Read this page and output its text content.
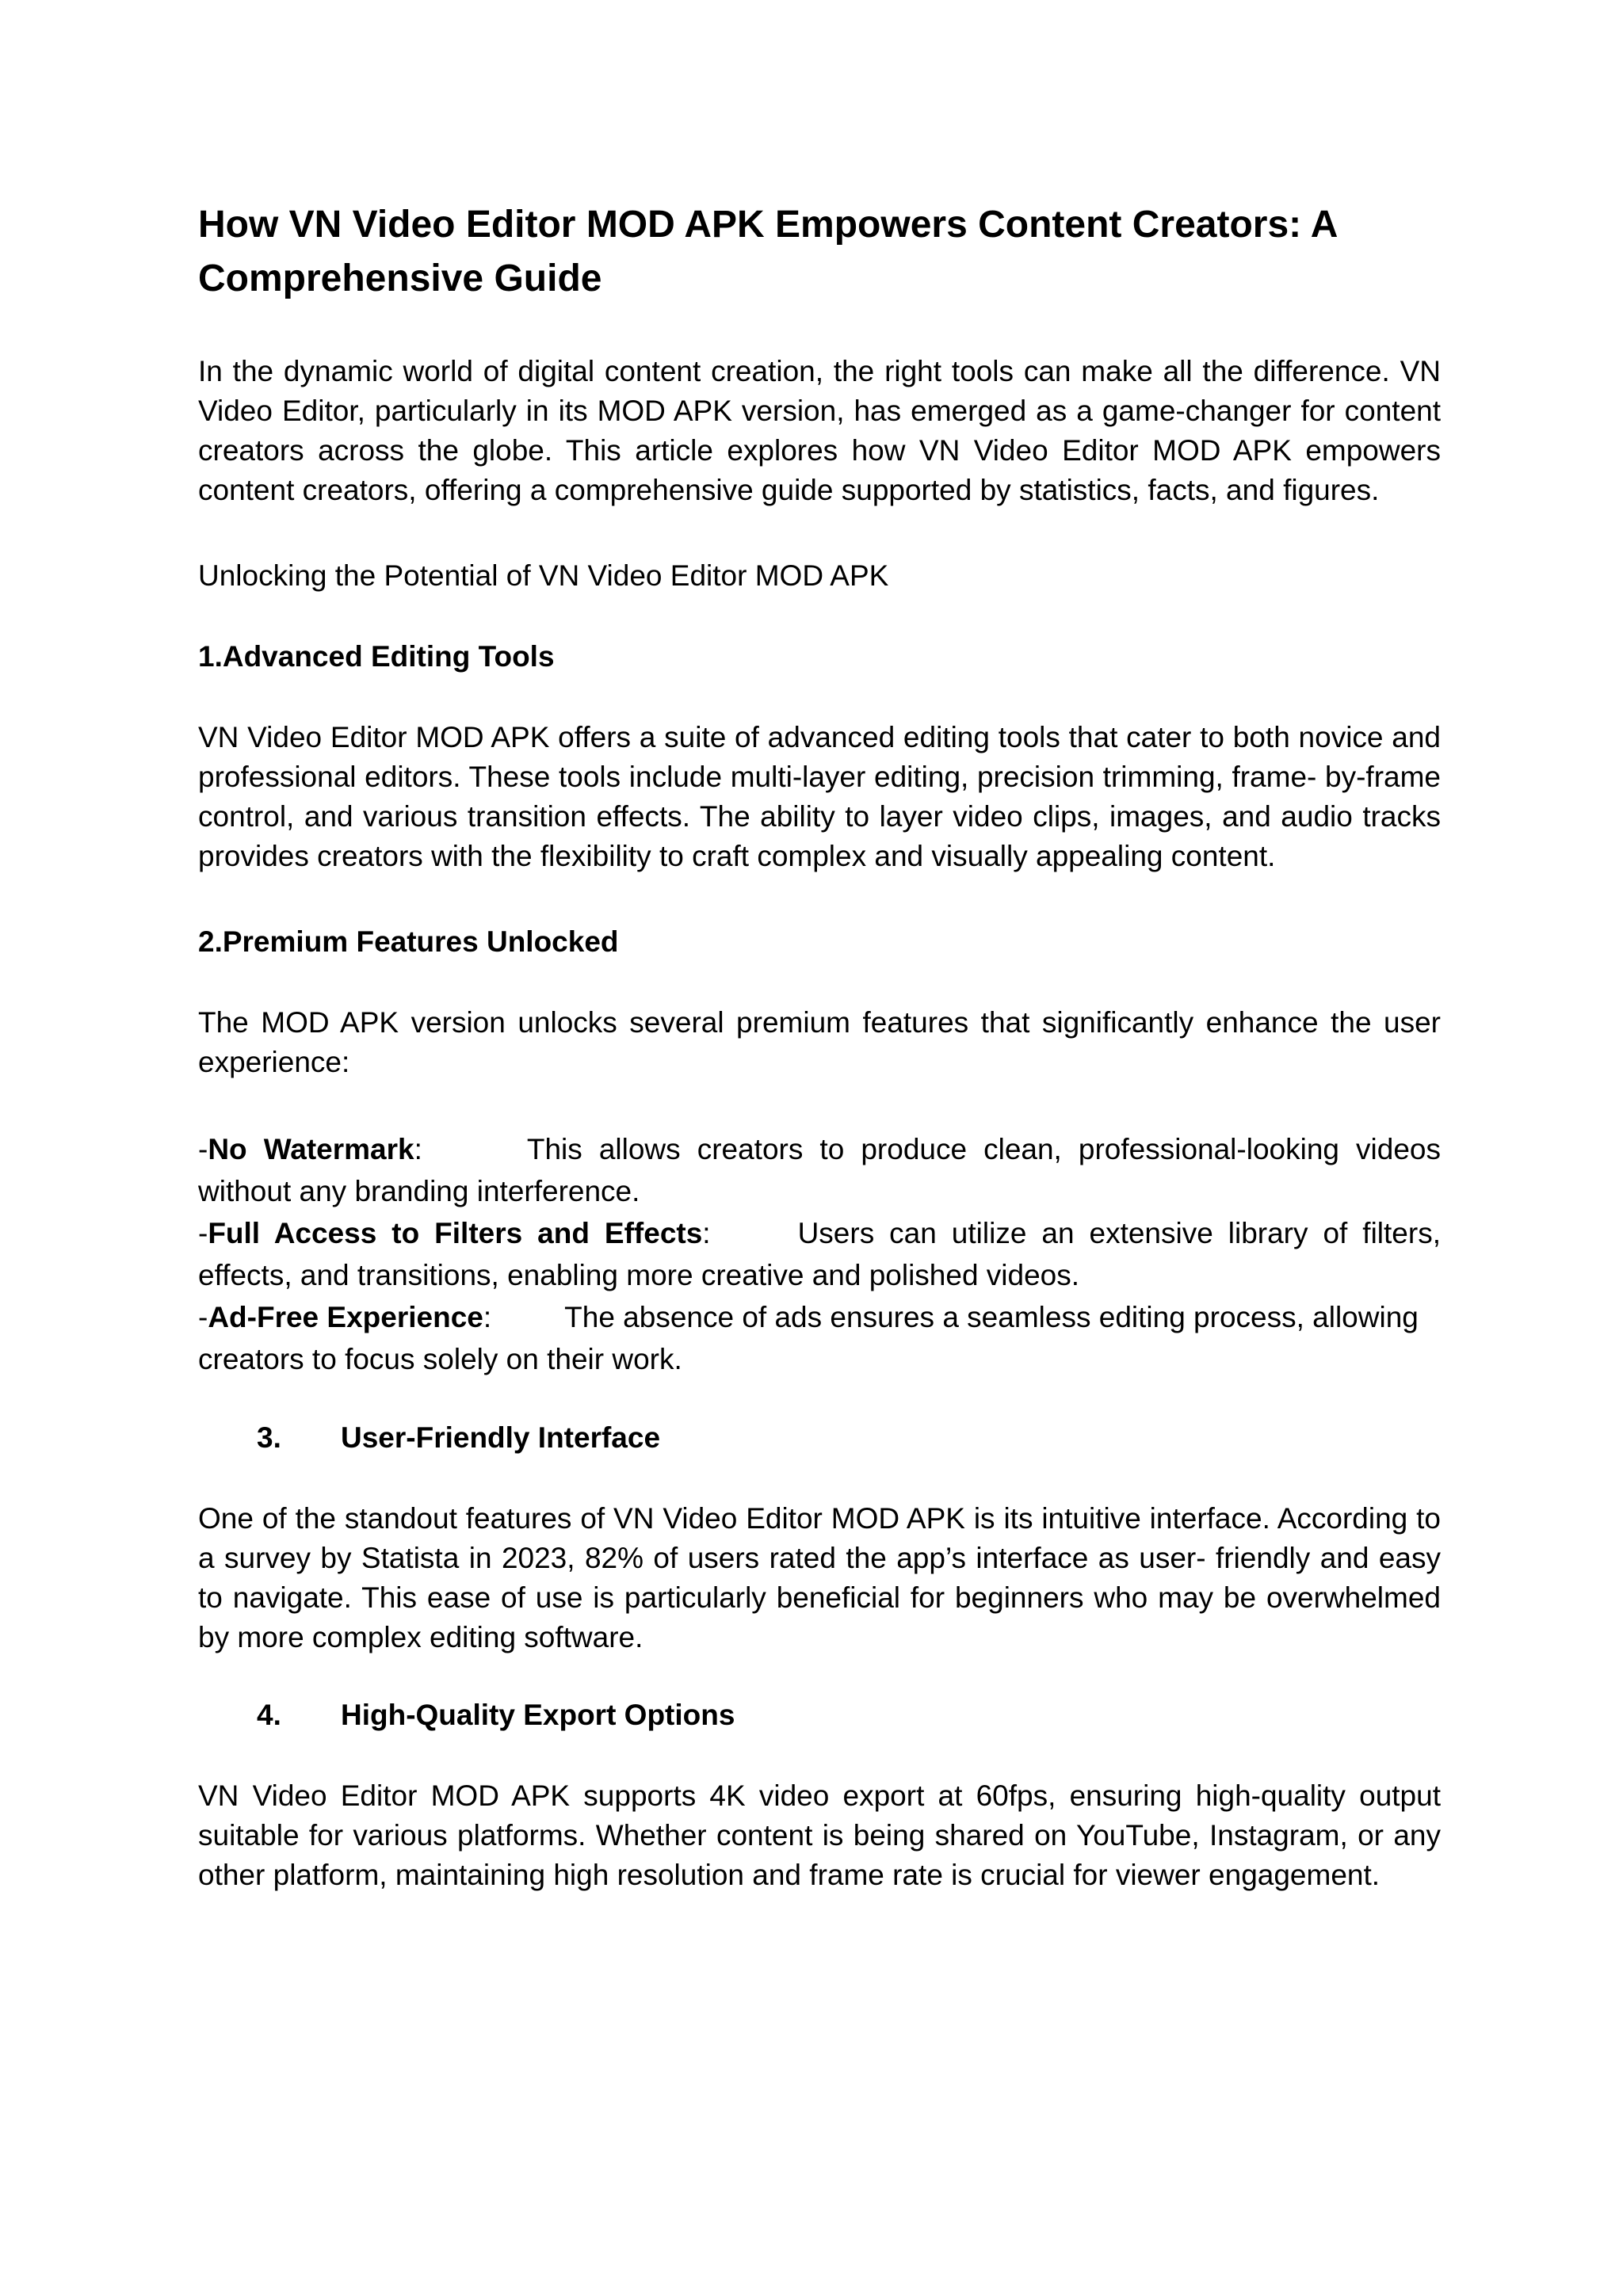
How VN Video Editor MOD APK Empowers Content Creators: A Comprehensive Guide

In the dynamic world of digital content creation, the right tools can make all the difference. VN Video Editor, particularly in its MOD APK version, has emerged as a game-changer for content creators across the globe. This article explores how VN Video Editor MOD APK empowers content creators, offering a comprehensive guide supported by statistics, facts, and figures.

Unlocking the Potential of VN Video Editor MOD APK

1.Advanced Editing Tools

VN Video Editor MOD APK offers a suite of advanced editing tools that cater to both novice and professional editors. These tools include multi-layer editing, precision trimming, frame- by-frame control, and various transition effects. The ability to layer video clips, images, and audio tracks provides creators with the flexibility to craft complex and visually appealing content.

2.Premium Features Unlocked

The MOD APK version unlocks several premium features that significantly enhance the user experience:

-No Watermark:	This allows creators to produce clean, professional-looking videos without any branding interference.
-Full Access to Filters and Effects:	Users can utilize an extensive library of filters, effects, and transitions, enabling more creative and polished videos.
-Ad-Free Experience: The absence of ads ensures a seamless editing process, allowing creators to focus solely on their work.
3.	User-Friendly Interface

One of the standout features of VN Video Editor MOD APK is its intuitive interface. According to a survey by Statista in 2023, 82% of users rated the app’s interface as user- friendly and easy to navigate. This ease of use is particularly beneficial for beginners who may be overwhelmed by more complex editing software.

4.	High-Quality Export Options

VN Video Editor MOD APK supports 4K video export at 60fps, ensuring high-quality output suitable for various platforms. Whether content is being shared on YouTube, Instagram, or any other platform, maintaining high resolution and frame rate is crucial for viewer engagement.
